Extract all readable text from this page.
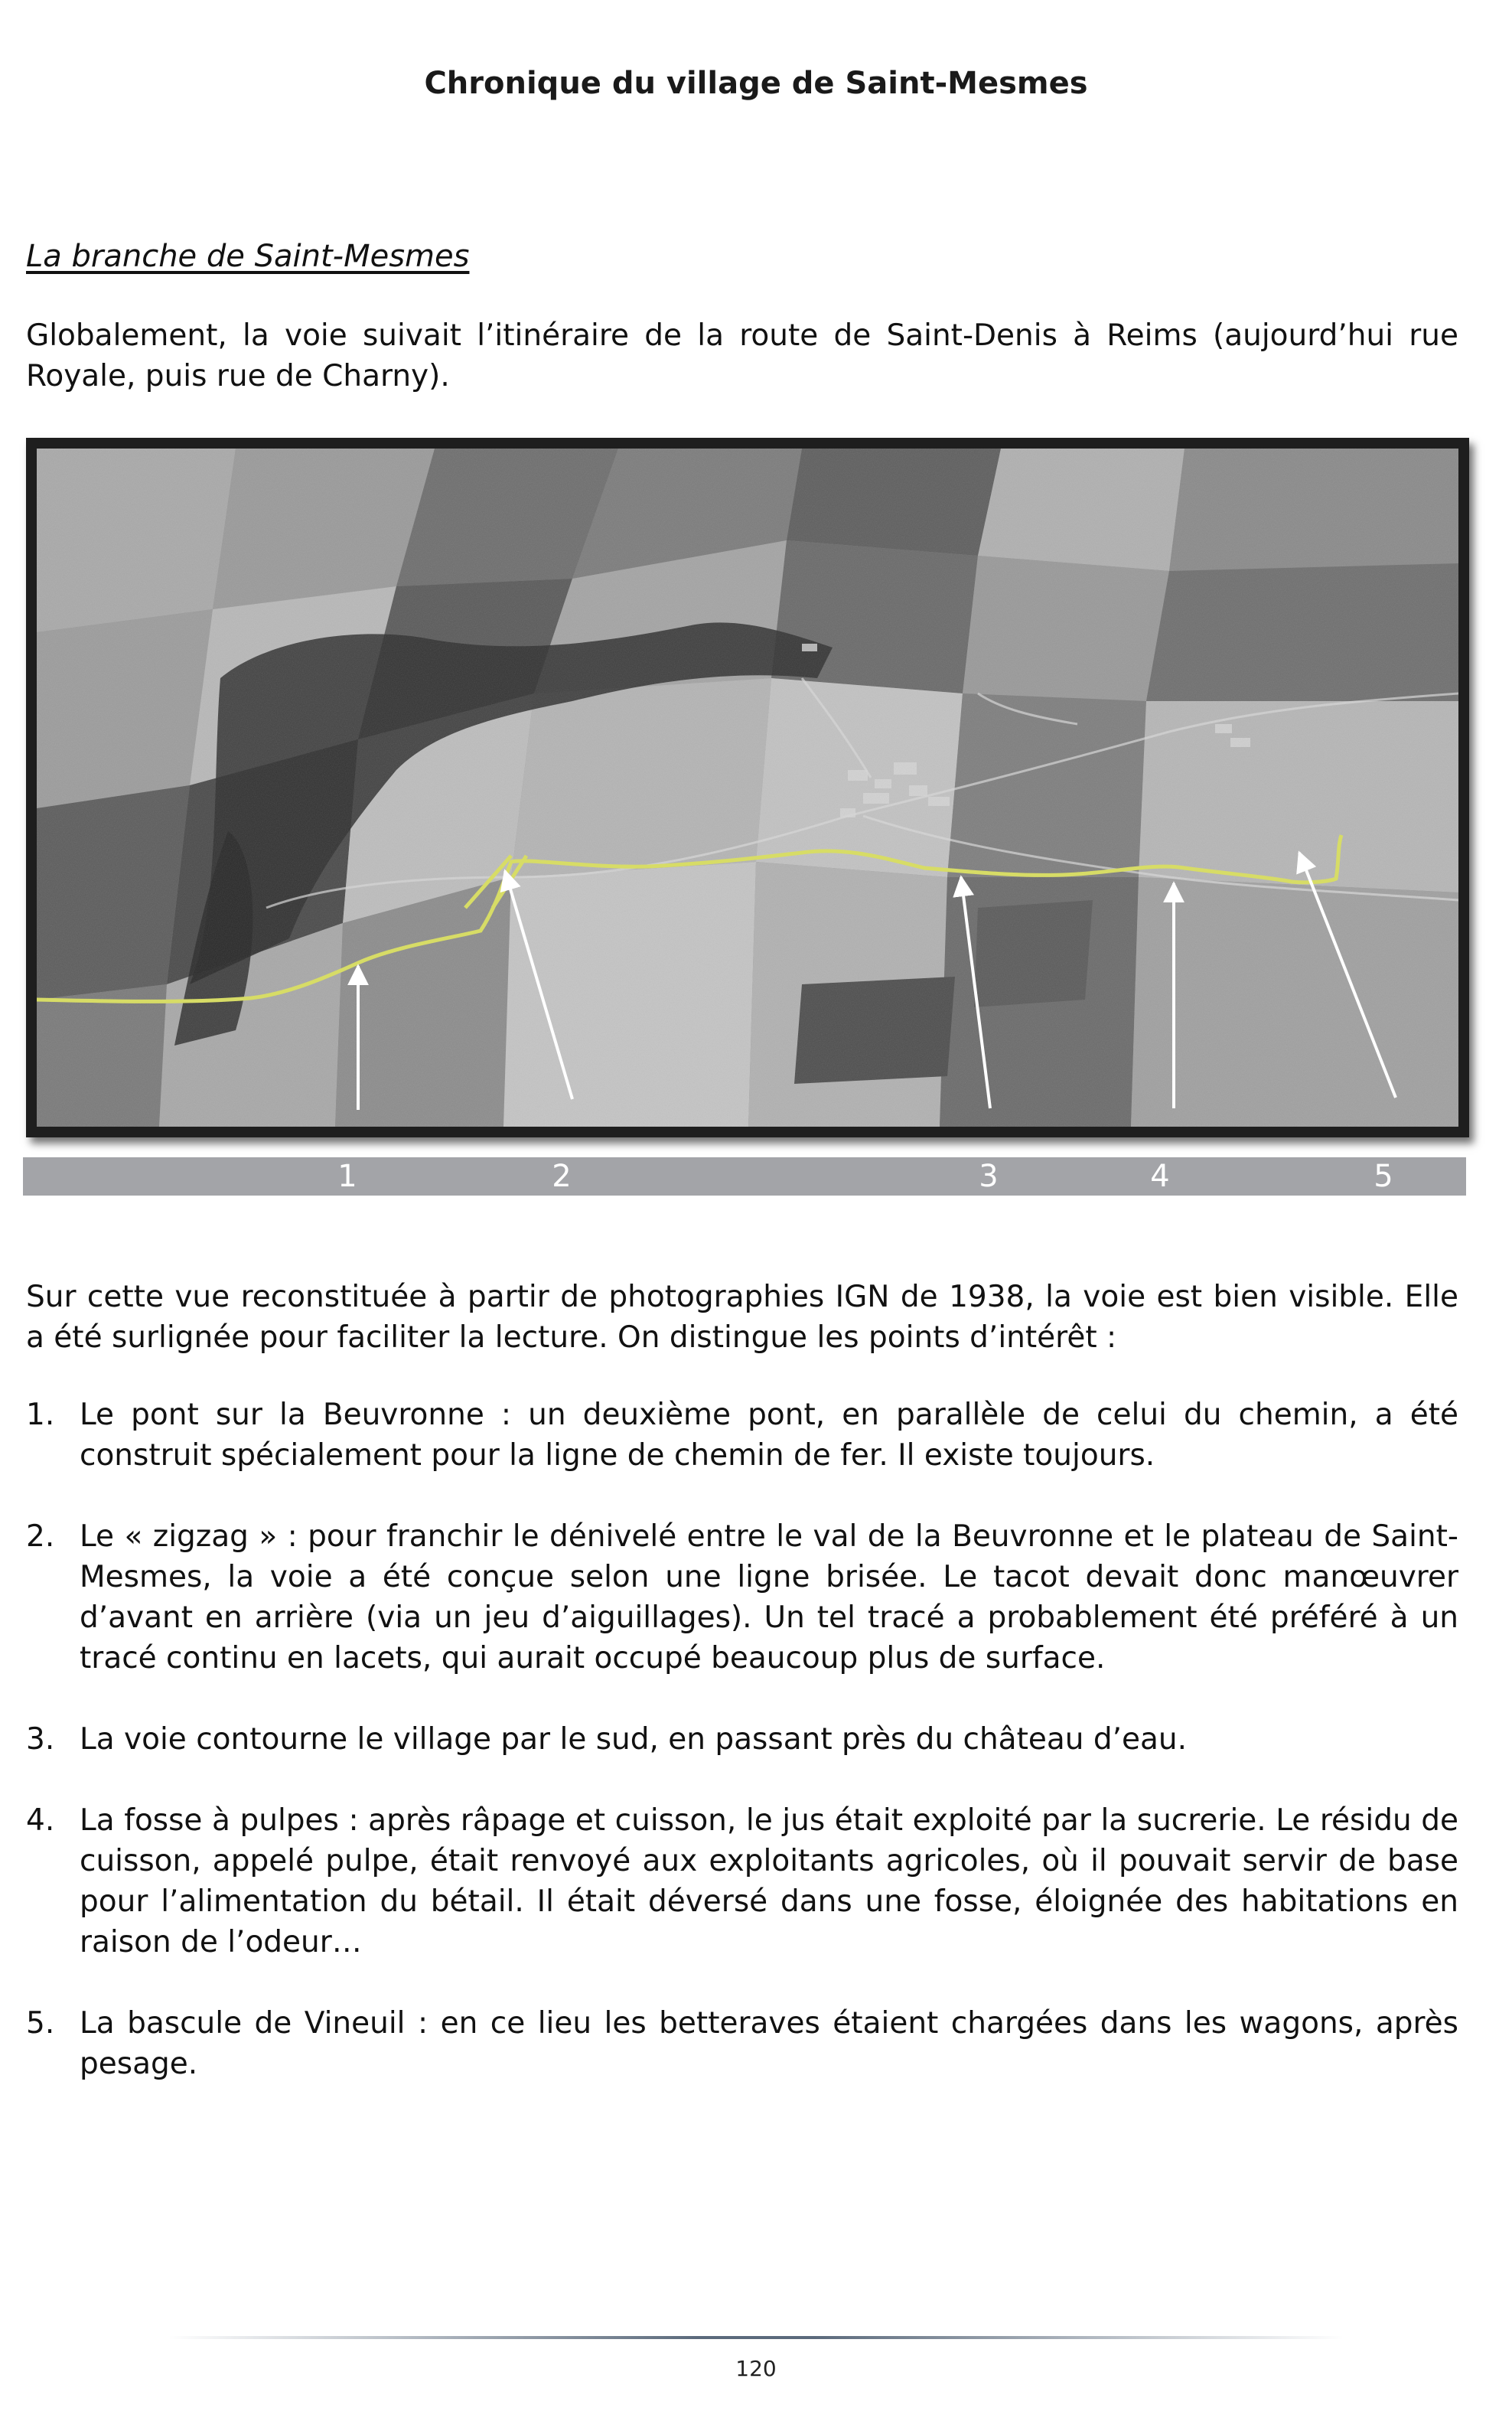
Chronique du village de Saint-Mesmes
La branche de Saint-Mesmes
Globalement, la voie suivait l’itinéraire de la route de Saint-Denis à Reims (aujourd’hui rue Royale, puis rue de Charny).
1	2	3	4	5
Sur cette vue reconstituée à partir de photographies IGN de 1938, la voie est bien visible. Elle a été surlignée pour faciliter la lecture. On distingue les points d’intérêt :
1. Le pont sur la Beuvronne : un deuxième pont, en parallèle de celui du chemin, a été construit spécialement pour la ligne de chemin de fer. Il existe toujours.
2. Le « zigzag » : pour franchir le dénivelé entre le val de la Beuvronne et le plateau de Saint-Mesmes, la voie a été conçue selon une ligne brisée. Le tacot devait donc manœuvrer d’avant en arrière (via un jeu d’aiguillages). Un tel tracé a probablement été préféré à un tracé continu en lacets, qui aurait occupé beaucoup plus de surface.
3. La voie contourne le village par le sud, en passant près du château d’eau.
4. La fosse à pulpes : après râpage et cuisson, le jus était exploité par la sucrerie. Le résidu de cuisson, appelé pulpe, était renvoyé aux exploitants agricoles, où il pouvait servir de base pour l’alimentation du bétail. Il était déversé dans une fosse, éloignée des habitations en raison de l’odeur…
5. La bascule de Vineuil : en ce lieu les betteraves étaient chargées dans les wagons, après pesage.
120
